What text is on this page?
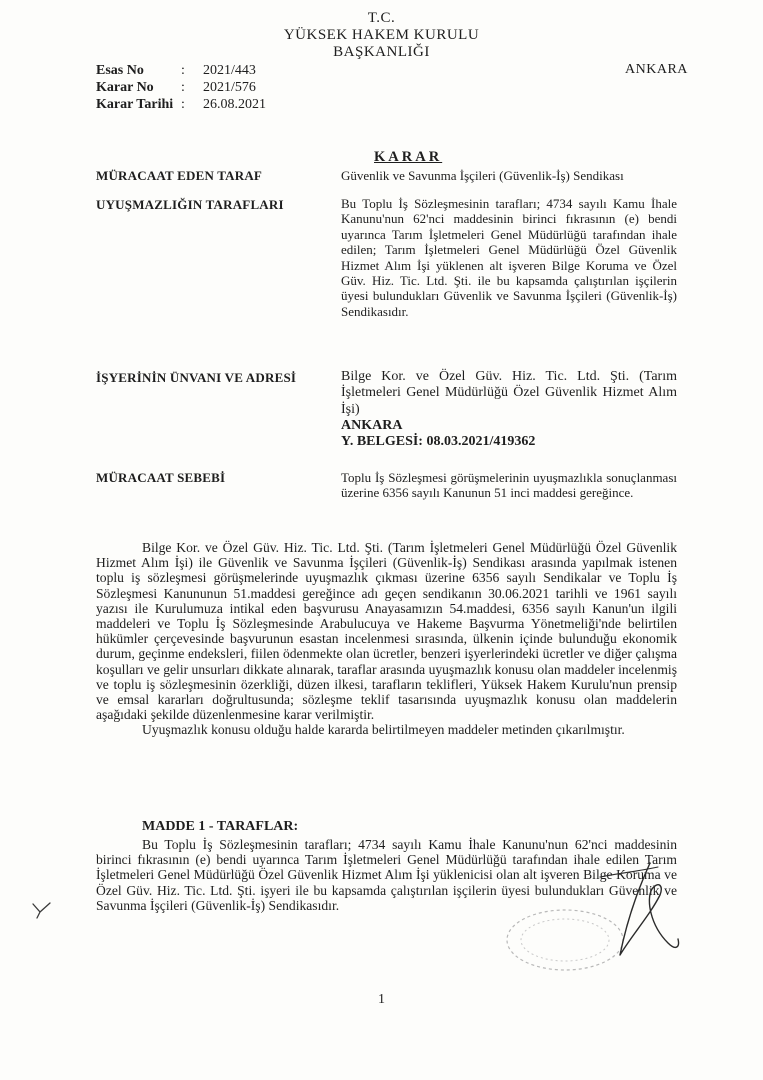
T.C.
YÜKSEK HAKEM KURULU
BAŞKANLIĞI
Esas No	:	2021/443
Karar No	:	2021/576
Karar Tarihi :	26.08.2021
ANKARA
KARAR
MÜRACAAT EDEN TARAF	Güvenlik ve Savunma İşçileri (Güvenlik-İş) Sendikası
UYUŞMAZLIĞIN TARAFLARI	Bu Toplu İş Sözleşmesinin tarafları; 4734 sayılı Kamu İhale Kanunu'nun 62'nci maddesinin birinci fıkrasının (e) bendi uyarınca Tarım İşletmeleri Genel Müdürlüğü tarafından ihale edilen; Tarım İşletmeleri Genel Müdürlüğü Özel Güvenlik Hizmet Alım İşi yüklenen alt işveren Bilge Koruma ve Özel Güv. Hiz. Tic. Ltd. Şti. ile bu kapsamda çalıştırılan işçilerin üyesi bulundukları Güvenlik ve Savunma İşçileri (Güvenlik-İş) Sendikasıdır.
İŞYERİNİN ÜNVANI VE ADRESİ	Bilge Kor. ve Özel Güv. Hiz. Tic. Ltd. Şti. (Tarım İşletmeleri Genel Müdürlüğü Özel Güvenlik Hizmet Alım İşi)

ANKARA

Y. BELGESİ: 08.03.2021/419362

MÜRACAAT SEBEBİ	Toplu İş Sözleşmesi görüşmelerinin uyuşmazlıkla sonuçlanması üzerine 6356 sayılı Kanunun 51 inci maddesi gereğince.

Bilge Kor. ve Özel Güv. Hiz. Tic. Ltd. Şti. (Tarım İşletmeleri Genel Müdürlüğü Özel Güvenlik Hizmet Alım İşi) ile Güvenlik ve Savunma İşçileri (Güvenlik-İş) Sendikası arasında yapılmak istenen toplu iş sözleşmesi görüşmelerinde uyuşmazlık çıkması üzerine 6356 sayılı Sendikalar ve Toplu İş Sözleşmesi Kanununun 51.maddesi gereğince adı geçen sendikanın 30.06.2021 tarihli ve 1961 sayılı yazısı ile Kurulumuza intikal eden başvurusu Anayasamızın 54.maddesi, 6356 sayılı Kanun'un ilgili maddeleri ve Toplu İş Sözleşmesinde Arabulucuya ve Hakeme Başvurma Yönetmeliği'nde belirtilen hükümler çerçevesinde başvurunun esastan incelenmesi sırasında, ülkenin içinde bulunduğu ekonomik durum, geçinme endeksleri, fiilen ödenmekte olan ücretler, benzeri işyerlerindeki ücretler ve diğer çalışma koşulları ve gelir unsurları dikkate alınarak, taraflar arasında uyuşmazlık konusu olan maddeler incelenmiş ve toplu iş sözleşmesinin özerkliği, düzen ilkesi, tarafların teklifleri, Yüksek Hakem Kurulu'nun prensip ve emsal kararları doğrultusunda; sözleşme teklif tasarısında uyuşmazlık konusu olan maddelerin aşağıdaki şekilde düzenlenmesine karar verilmiştir.

Uyuşmazlık konusu olduğu halde kararda belirtilmeyen maddeler metinden çıkarılmıştır.

MADDE 1 - TARAFLAR:

Bu Toplu İş Sözleşmesinin tarafları; 4734 sayılı Kamu İhale Kanunu'nun 62'nci maddesinin birinci fıkrasının (e) bendi uyarınca Tarım İşletmeleri Genel Müdürlüğü tarafından ihale edilen Tarım İşletmeleri Genel Müdürlüğü Özel Güvenlik Hizmet Alım İşi yüklenicisi olan alt işveren Bilge Koruma ve Özel Güv. Hiz. Tic. Ltd. Şti. işyeri ile bu kapsamda çalıştırılan işçilerin üyesi bulundukları Güvenlik ve Savunma İşçileri (Güvenlik-İş) Sendikasıdır.

1
